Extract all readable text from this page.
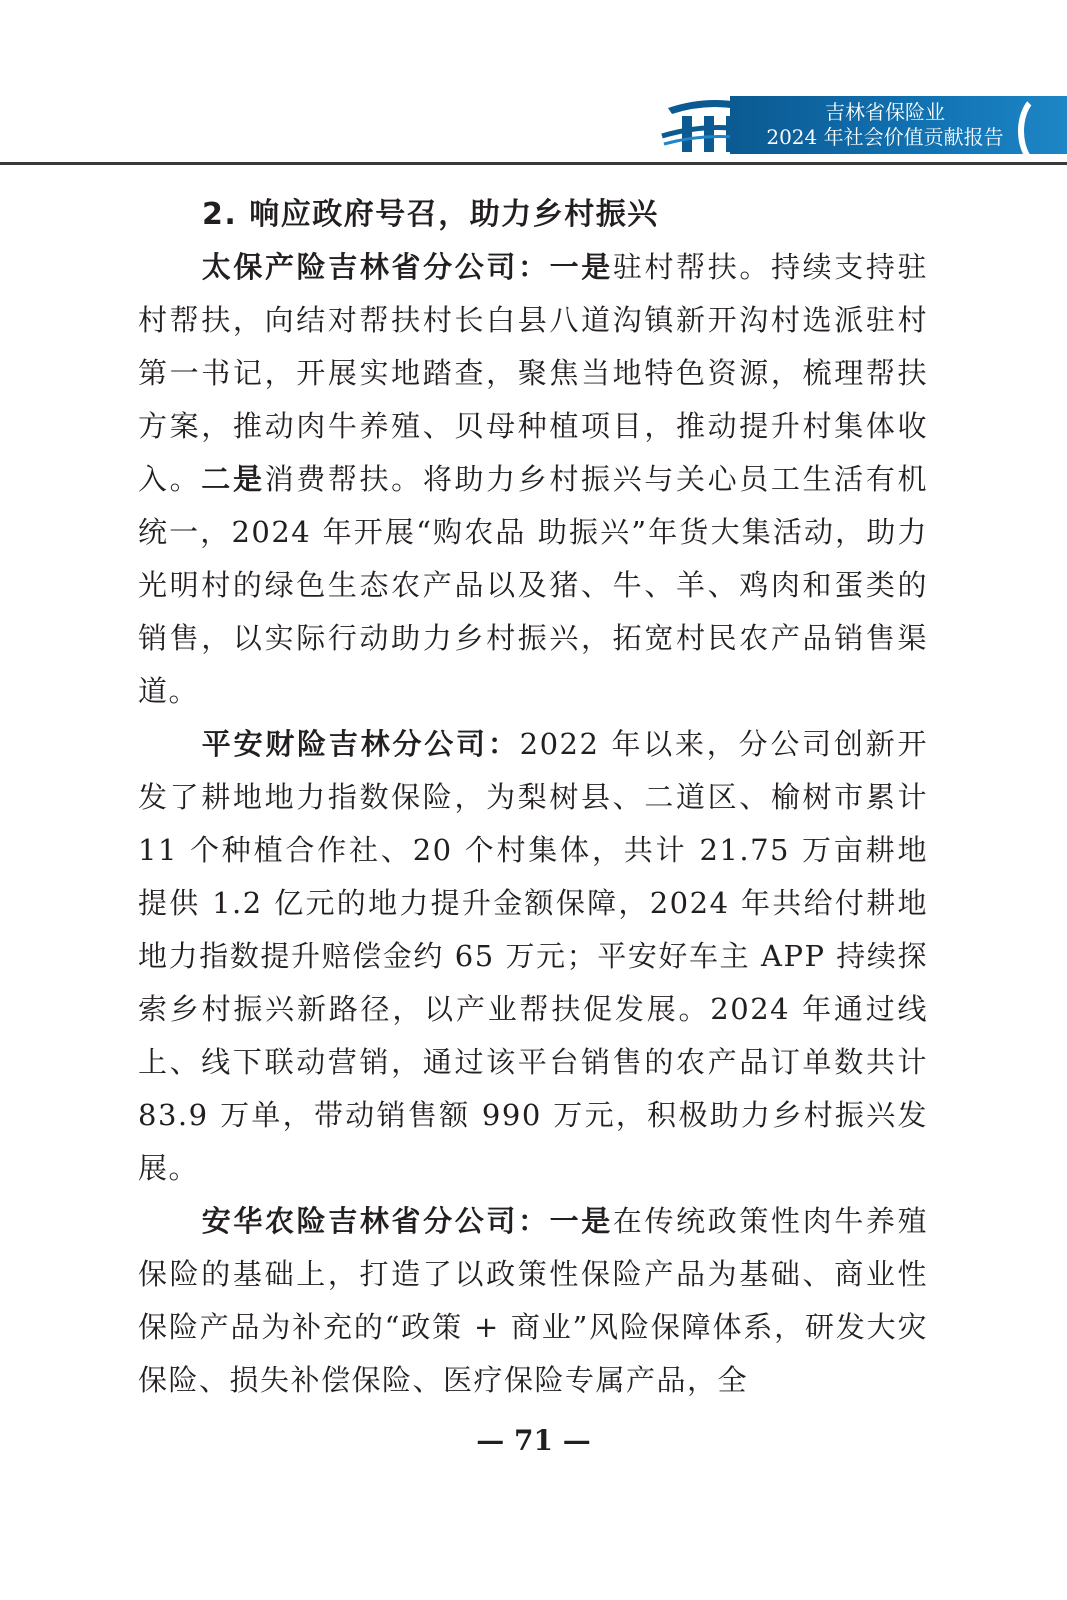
吉林省保险业
2024 年社会价值贡献报告
2. 响应政府号召，助力乡村振兴

太保产险吉林省分公司：一是驻村帮扶。持续支持驻村帮扶，向结对帮扶村长白县八道沟镇新开沟村选派驻村第一书记，开展实地踏查，聚焦当地特色资源，梳理帮扶方案，推动肉牛养殖、贝母种植项目，推动提升村集体收入。二是消费帮扶。将助力乡村振兴与关心员工生活有机统一，2024 年开展“购农品 助振兴”年货大集活动，助力光明村的绿色生态农产品以及猪、牛、羊、鸡肉和蛋类的销售，以实际行动助力乡村振兴，拓宽村民农产品销售渠道。

平安财险吉林分公司：2022 年以来，分公司创新开发了耕地地力指数保险，为梨树县、二道区、榆树市累计 11 个种植合作社、20 个村集体，共计 21.75 万亩耕地提供 1.2 亿元的地力提升金额保障，2024 年共给付耕地地力指数提升赔偿金约 65 万元；平安好车主 APP 持续探索乡村振兴新路径，以产业帮扶促发展。2024 年通过线上、线下联动营销，通过该平台销售的农产品订单数共计 83.9 万单，带动销售额 990 万元，积极助力乡村振兴发展。

安华农险吉林省分公司：一是在传统政策性肉牛养殖保险的基础上，打造了以政策性保险产品为基础、商业性保险产品为补充的“政策 + 商业”风险保障体系，研发大灾保险、损失补偿保险、医疗保险专属产品，全

— 71 —
